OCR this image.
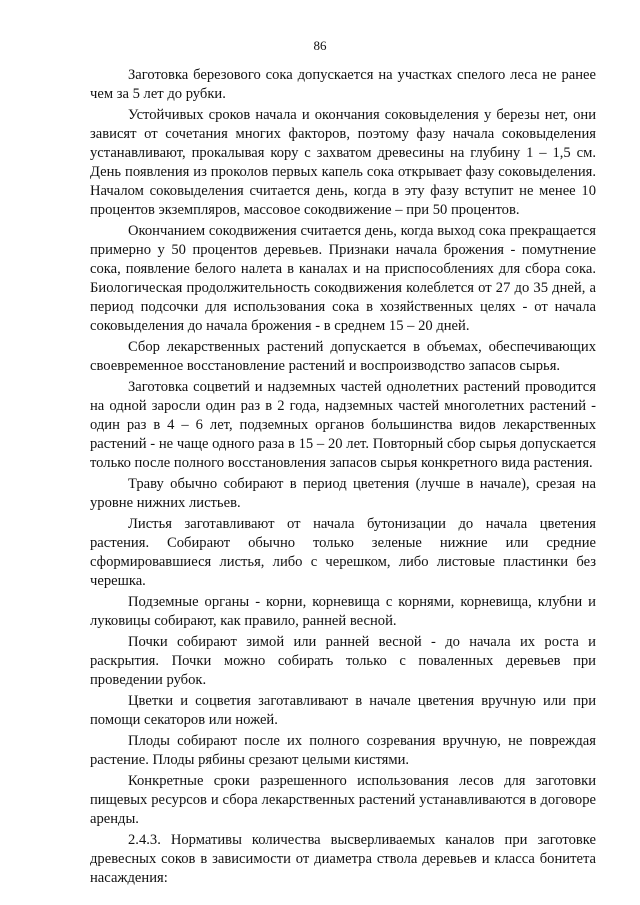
86

Заготовка березового сока допускается на участках спелого леса не ранее чем за 5 лет до рубки.

Устойчивых сроков начала и окончания соковыделения у березы нет, они зависят от сочетания многих факторов, поэтому фазу начала соковыделения устанавливают, прокалывая кору с захватом древесины на глубину 1 – 1,5 см. День появления из проколов первых капель сока открывает фазу соковыделения. Началом соковыделения считается день, когда в эту фазу вступит не менее 10 процентов экземпляров, массовое сокодвижение – при 50 процентов.

Окончанием сокодвижения считается день, когда выход сока прекращается примерно у 50 процентов деревьев. Признаки начала брожения - помутнение сока, появление белого налета в каналах и на приспособлениях для сбора сока. Биологическая продолжительность сокодвижения колеблется от 27 до 35 дней, а период подсочки для использования сока в хозяйственных целях - от начала соковыделения до начала брожения - в среднем 15 – 20 дней.

Сбор лекарственных растений допускается в объемах, обеспечивающих своевременное восстановление растений и воспроизводство запасов сырья.

Заготовка соцветий и надземных частей однолетних растений проводится на одной заросли один раз в 2 года, надземных частей многолетних растений - один раз в 4 – 6 лет, подземных органов большинства видов лекарственных растений - не чаще одного раза в 15 – 20 лет. Повторный сбор сырья допускается только после полного восстановления запасов сырья конкретного вида растения.

Траву обычно собирают в период цветения (лучше в начале), срезая на уровне нижних листьев.

Листья заготавливают от начала бутонизации до начала цветения растения. Собирают обычно только зеленые нижние или средние сформировавшиеся листья, либо с черешком, либо листовые пластинки без черешка.

Подземные органы - корни, корневища с корнями, корневища, клубни и луковицы собирают, как правило, ранней весной.

Почки собирают зимой или ранней весной - до начала их роста и раскрытия. Почки можно собирать только с поваленных деревьев при проведении рубок.

Цветки и соцветия заготавливают в начале цветения вручную или при помощи секаторов или ножей.

Плоды собирают после их полного созревания вручную, не повреждая растение. Плоды рябины срезают целыми кистями.

Конкретные сроки разрешенного использования лесов для заготовки пищевых ресурсов и сбора лекарственных растений устанавливаются в договоре аренды.

2.4.3. Нормативы количества высверливаемых каналов при заготовке древесных соков в зависимости от диаметра ствола деревьев и класса бонитета насаждения:
